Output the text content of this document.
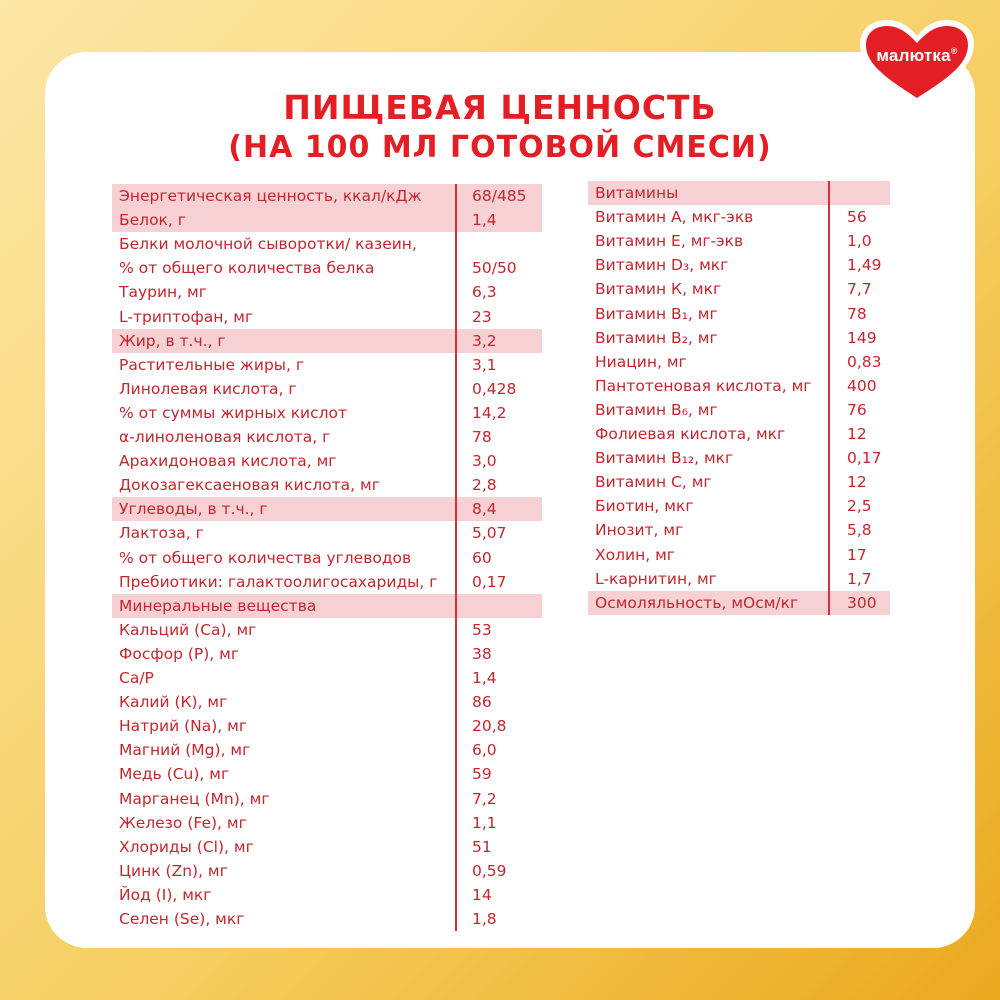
малютка®
ПИЩЕВАЯ ЦЕННОСТЬ
(НА 100 МЛ ГОТОВОЙ СМЕСИ)
Энергетическая ценность, ккал/кДж	68/485
Белок, г	1,4
Белки молочной сыворотки/ казеин,
% от общего количества белка	50/50
Таурин, мг	6,3
L-триптофан, мг	23
Жир, в т.ч., г	3,2
Растительные жиры, г	3,1
Линолевая кислота, г	0,428
% от суммы жирных кислот	14,2
α-линоленовая кислота, г	78
Арахидоновая кислота, мг	3,0
Докозагексаеновая кислота, мг	2,8
Углеводы, в т.ч., г	8,4
Лактоза, г	5,07
% от общего количества углеводов	60
Пребиотики: галактоолигосахариды, г 0,17
Минеральные вещества
Кальций (Са), мг	53
Фосфор (Р), мг	38
Са/Р	1,4
Калий (К), мг	86
Натрий (Na), мг	20,8
Магний (Mg), мг	6,0
Медь (Cu), мг	59
Марганец (Mn), мг	7,2
Железо (Fe), мг	1,1
Хлориды (Cl), мг	51
Цинк (Zn), мг	0,59
Йод (I), мкг	14
Селен (Se), мкг	1,8
Витамины
Витамин А, мкг-экв	56
Витамин Е, мг-экв	1,0
Витамин D₃, мкг	1,49
Витамин К, мкг	7,7
Витамин В₁, мг	78
Витамин В₂, мг	149
Ниацин, мг	0,83
Пантотеновая кислота, мг 400
Витамин В₆, мг	76
Фолиевая кислота, мкг	12
Витамин В₁₂, мкг	0,17
Витамин С, мг	12
Биотин, мкг	2,5
Инозит, мг	5,8
Холин, мг	17
L-карнитин, мг	1,7
Осмоляльность, мОсм/кг	300
